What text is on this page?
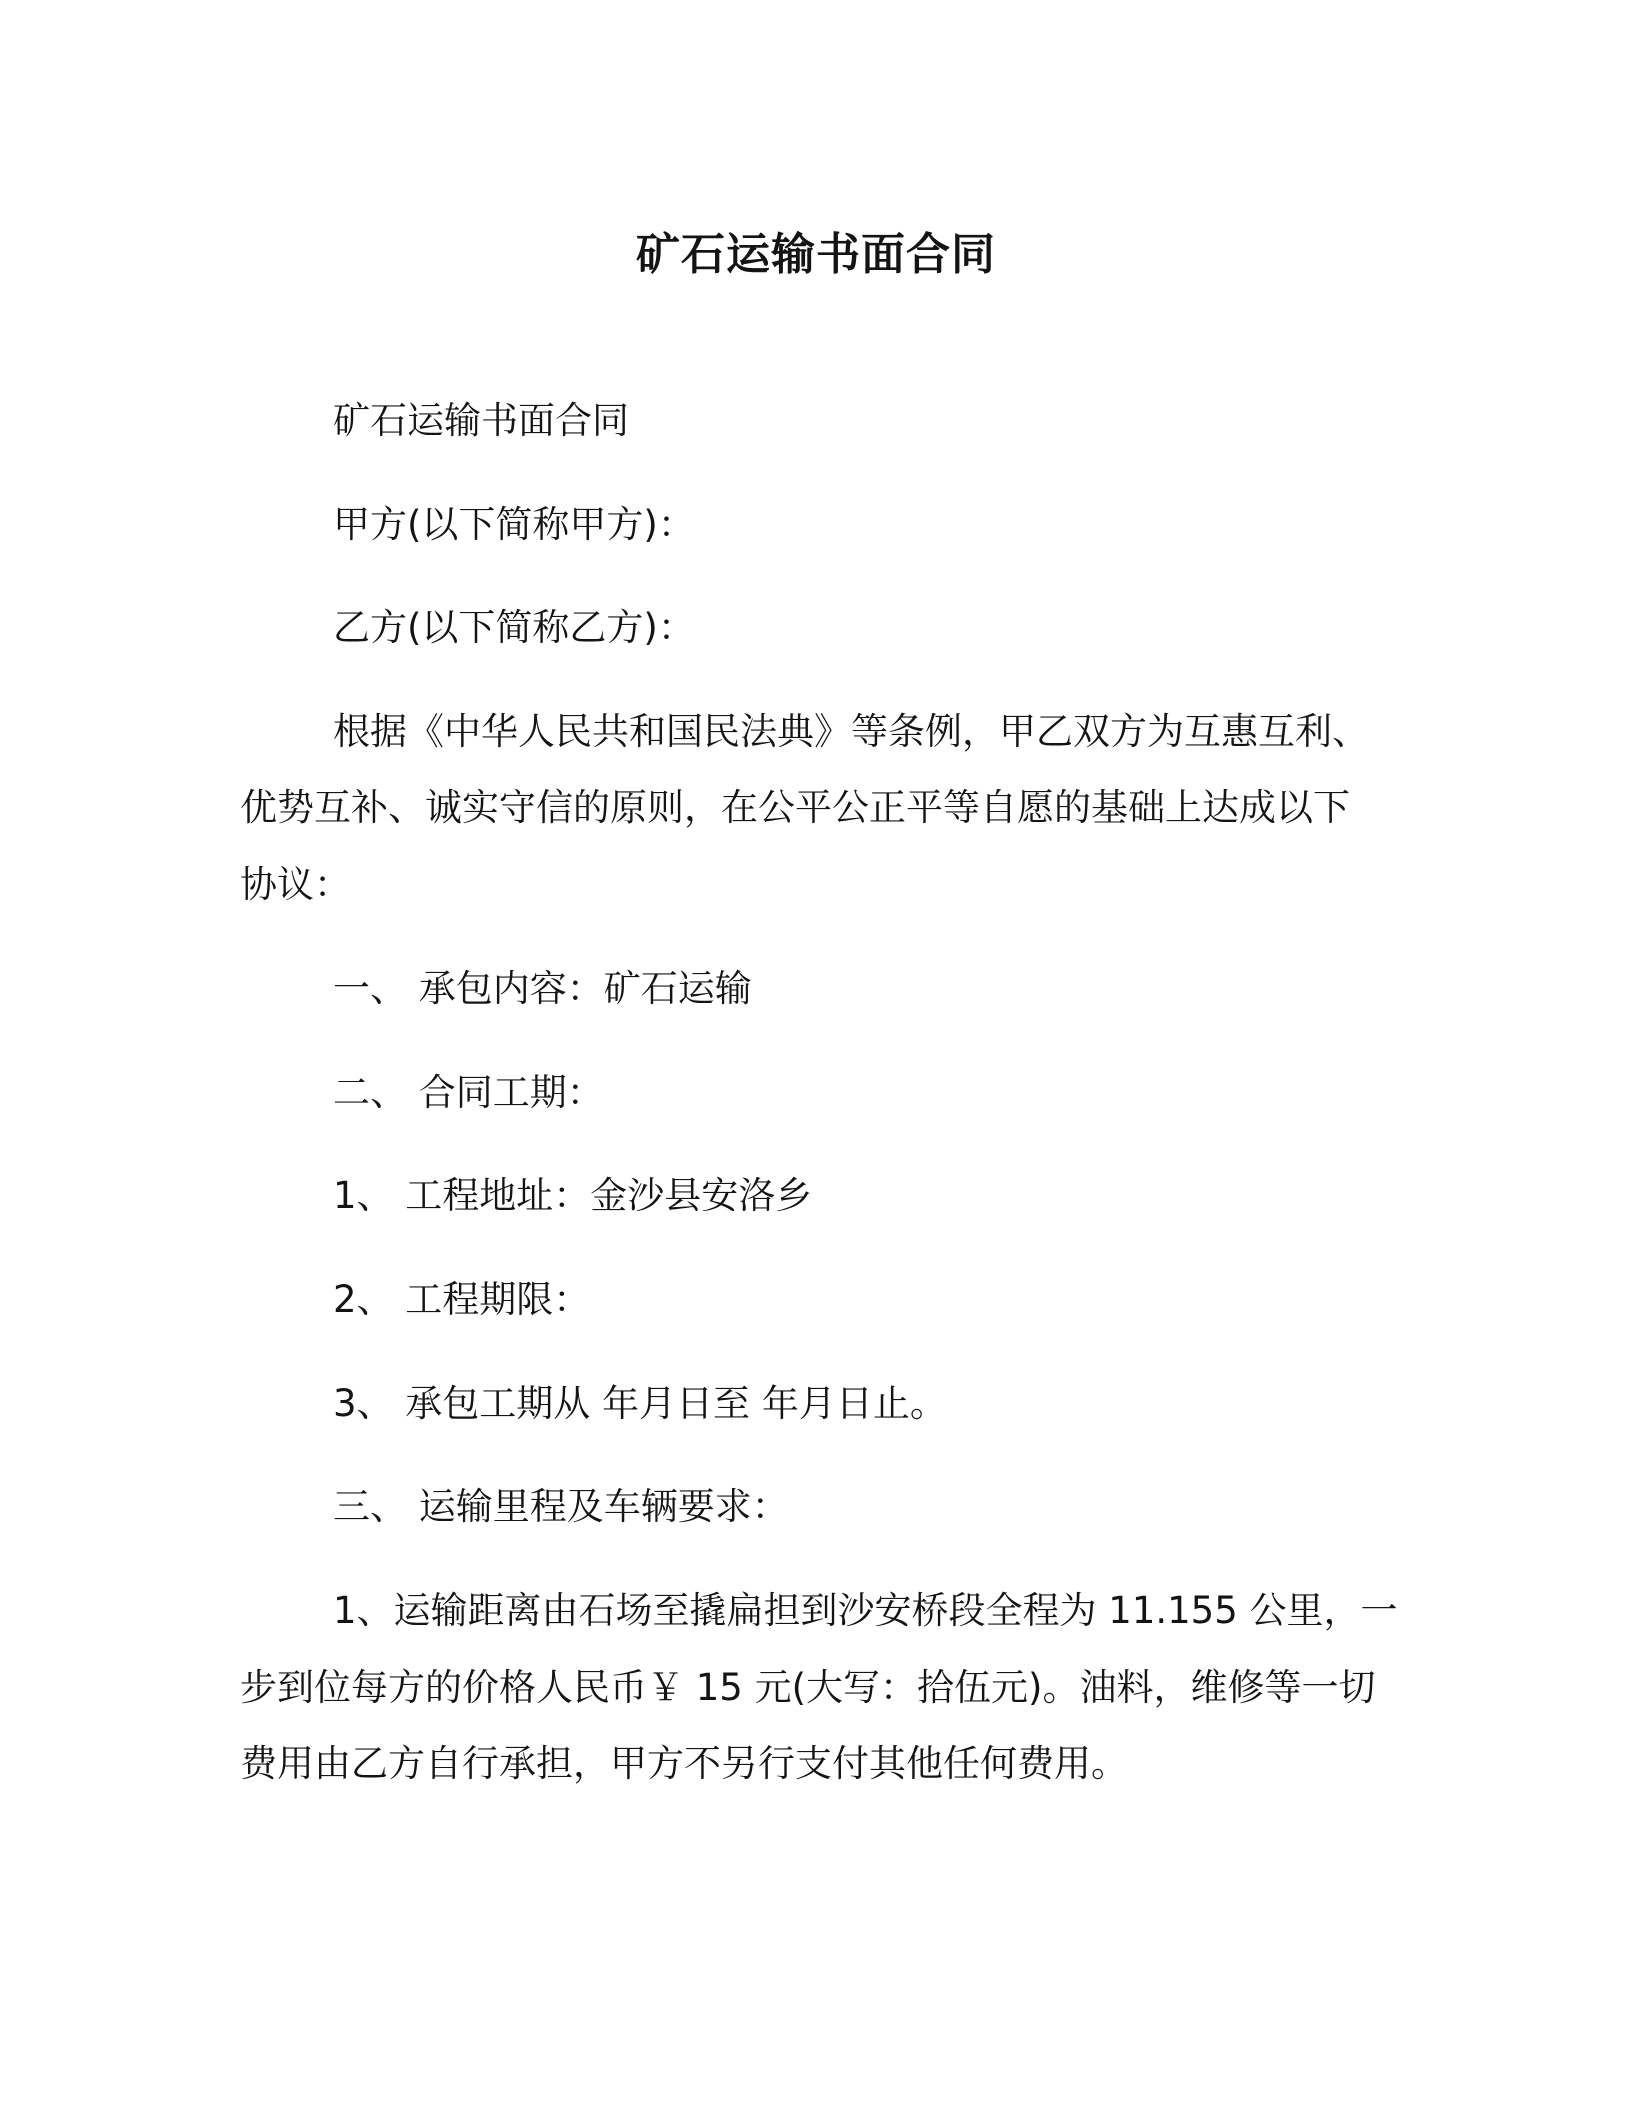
矿石运输书面合同
矿石运输书面合同
甲方(以下简称甲方)：
乙方(以下简称乙方)：
根据《中华人民共和国民法典》等条例，甲乙双方为互惠互利、
优势互补、诚实守信的原则，在公平公正平等自愿的基础上达成以下
协议：
一、 承包内容：矿石运输
二、 合同工期：
1、 工程地址：金沙县安洛乡
2、 工程期限：
3、 承包工期从 年月日至 年月日止。
三、 运输里程及车辆要求：
1、运输距离由石场至撬扁担到沙安桥段全程为 11.155 公里，一
步到位每方的价格人民币￥ 15 元(大写：拾伍元)。油料，维修等一切
费用由乙方自行承担，甲方不另行支付其他任何费用。
